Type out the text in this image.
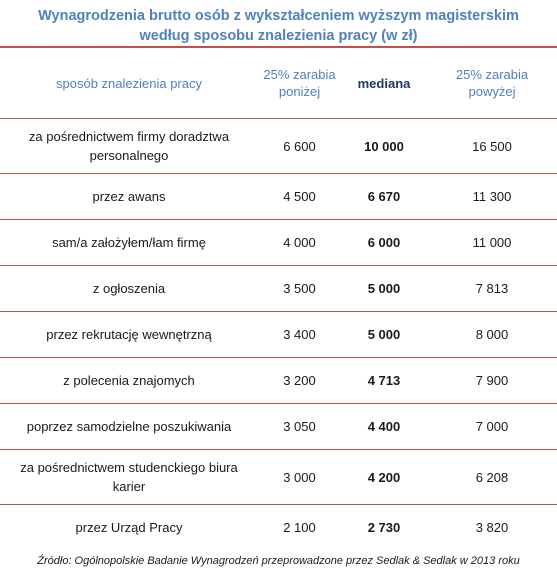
Wynagrodzenia brutto osób z wykształceniem wyższym magisterskim
według sposobu znalezienia pracy (w zł)
sposób znalezienia pracy	25% zarabia poniżej	mediana	25% zarabia powyżej
za pośrednictwem firmy doradztwa personalnego	6 600	10 000	16 500
przez awans	4 500	6 670	11 300
sam/a założyłem/łam firmę	4 000	6 000	11 000
z ogłoszenia	3 500	5 000	7 813
przez rekrutację wewnętrzną	3 400	5 000	8 000
z polecenia znajomych	3 200	4 713	7 900
poprzez samodzielne poszukiwania	3 050	4 400	7 000
za pośrednictwem studenckiego biura karier	3 000	4 200	6 208
przez Urząd Pracy	2 100	2 730	3 820
Źródło: Ogólnopolskie Badanie Wynagrodzeń przeprowadzone przez Sedlak & Sedlak w 2013 roku
